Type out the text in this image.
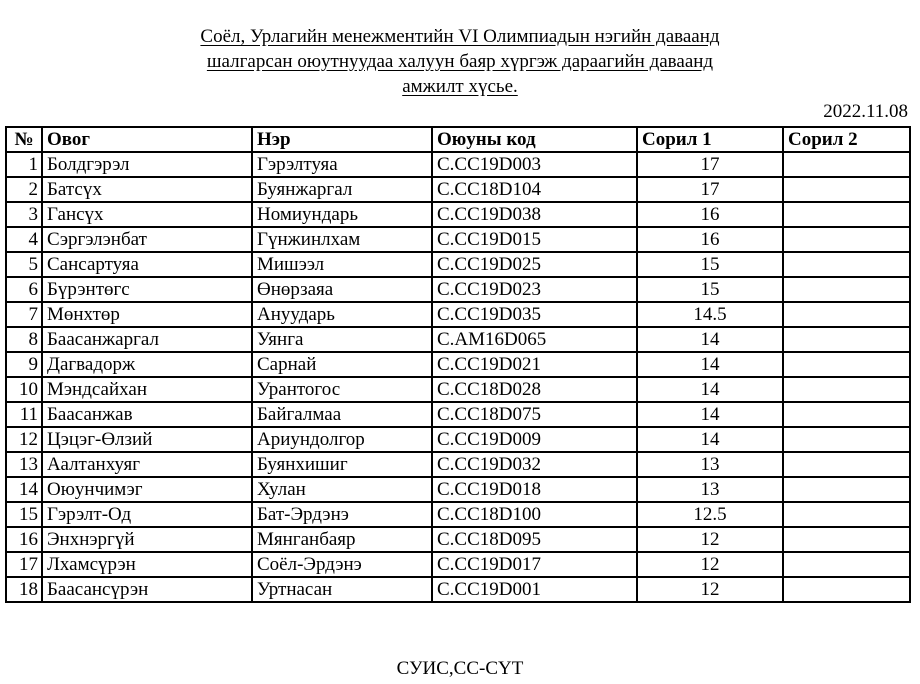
Соёл, Урлагийн менежментийн VI Олимпиадын нэгийн даваанд
шалгарсан оюутнуудаа халуун баяр хүргэж дараагийн даваанд
амжилт хүсье.
2022.11.08
№	Овог	Нэр	Оюуны код	Сорил 1	Сорил 2
1	Болдгэрэл	Гэрэлтуяа	C.CC19D003	17	
2	Батсүх	Буянжаргал	C.CC18D104	17	
3	Гансүх	Номиундарь	C.CC19D038	16	
4	Сэргэлэнбат	Гүнжинлхам	C.CC19D015	16	
5	Сансартуяа	Мишээл	C.CC19D025	15	
6	Бүрэнтөгс	Өнөрзаяа	C.CC19D023	15	
7	Мөнхтөр	Ануударь	C.CC19D035	14.5	
8	Баасанжаргал	Уянга	C.AM16D065	14	
9	Дагвадорж	Сарнай	C.CC19D021	14	
10	Мэндсайхан	Урантогос	C.CC18D028	14	
11	Баасанжав	Байгалмаа	C.CC18D075	14	
12	Цэцэг-Өлзий	Ариундолгор	C.CC19D009	14	
13	Аалтанхуяг	Буянхишиг	C.CC19D032	13	
14	Оюунчимэг	Хулан	C.CC19D018	13	
15	Гэрэлт-Од	Бат-Эрдэнэ	C.CC18D100	12.5	
16	Энхнэргүй	Мянганбаяр	C.CC18D095	12	
17	Лхамсүрэн	Соёл-Эрдэнэ	C.CC19D017	12	
18	Баасансүрэн	Уртнасан	C.CC19D001	12	
СУИС,СС-СҮТ
